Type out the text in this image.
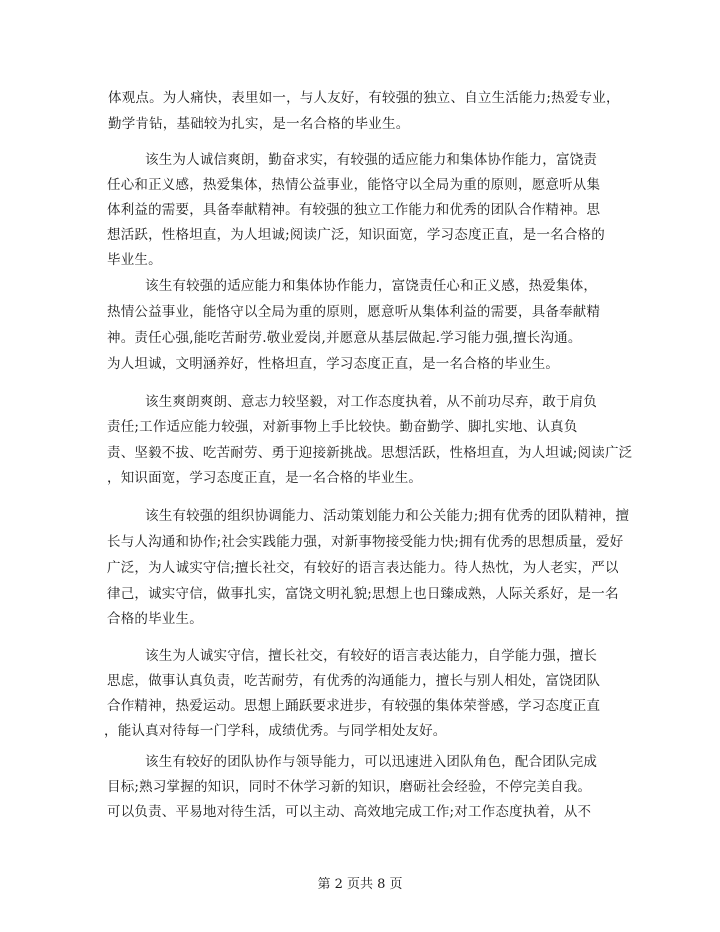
体观点。为人痛快，表里如一，与人友好，有较强的独立、自立生活能力;热爱专业，
勤学肯钻，基础较为扎实，是一名合格的毕业生。
该生为人诚信爽朗，勤奋求实，有较强的适应能力和集体协作能力，富饶责
任心和正义感，热爱集体，热情公益事业，能恪守以全局为重的原则，愿意听从集
体利益的需要，具备奉献精神。有较强的独立工作能力和优秀的团队合作精神。思
想活跃，性格坦直，为人坦诚;阅读广泛，知识面宽，学习态度正直，是一名合格的
毕业生。
该生有较强的适应能力和集体协作能力，富饶责任心和正义感，热爱集体，
热情公益事业，能恪守以全局为重的原则，愿意听从集体利益的需要，具备奉献精
神。责任心强,能吃苦耐劳.敬业爱岗,并愿意从基层做起.学习能力强,擅长沟通。
为人坦诚，文明涵养好，性格坦直，学习态度正直，是一名合格的毕业生。
该生爽朗爽朗、意志力较坚毅，对工作态度执着，从不前功尽弃，敢于肩负
责任;工作适应能力较强，对新事物上手比较快。勤奋勤学、脚扎实地、认真负
责、坚毅不拔、吃苦耐劳、勇于迎接新挑战。思想活跃，性格坦直，为人坦诚;阅读广泛
，知识面宽，学习态度正直，是一名合格的毕业生。
该生有较强的组织协调能力、活动策划能力和公关能力;拥有优秀的团队精神，擅
长与人沟通和协作;社会实践能力强，对新事物接受能力快;拥有优秀的思想质量，爱好
广泛，为人诚实守信;擅长社交，有较好的语言表达能力。待人热忱，为人老实，严以
律己，诚实守信，做事扎实，富饶文明礼貌;思想上也日臻成熟，人际关系好，是一名
合格的毕业生。
该生为人诚实守信，擅长社交，有较好的语言表达能力，自学能力强，擅长
思虑，做事认真负责，吃苦耐劳，有优秀的沟通能力，擅长与别人相处，富饶团队
合作精神，热爱运动。思想上踊跃要求进步，有较强的集体荣誉感，学习态度正直
，能认真对待每一门学科，成绩优秀。与同学相处友好。
该生有较好的团队协作与领导能力，可以迅速进入团队角色，配合团队完成
目标;熟习掌握的知识，同时不休学习新的知识，磨砺社会经验，不停完美自我。
可以负责、平易地对待生活，可以主动、高效地完成工作;对工作态度执着，从不
第 2 页共 8 页
